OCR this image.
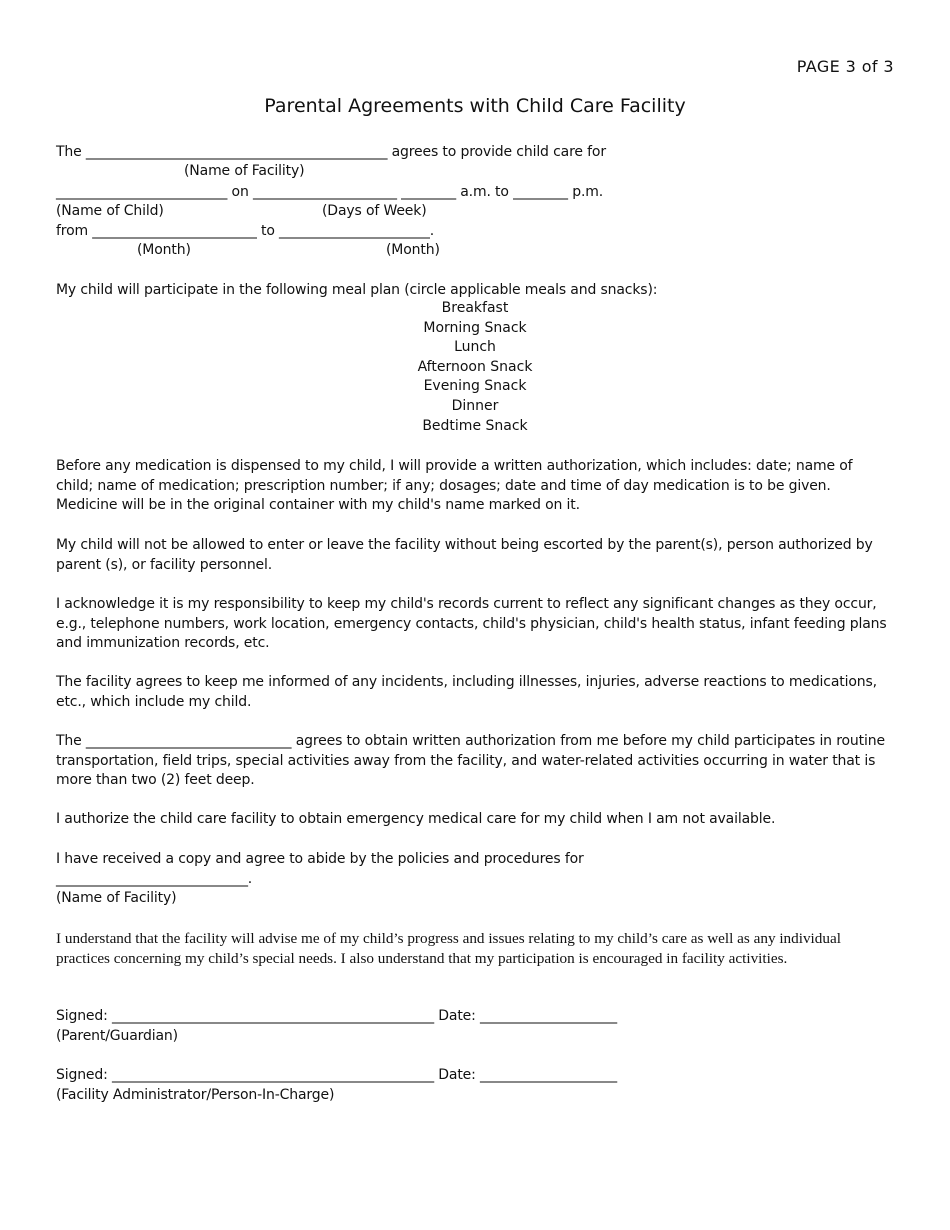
PAGE 3 of 3
Parental Agreements with Child Care Facility
The ____________________________________________ agrees to provide child care for
(Name of Facility)
_________________________ on _____________________ ________ a.m. to ________ p.m.
(Name of Child)	(Days of Week)
from ________________________ to ______________________.
(Month)	(Month)
My child will participate in the following meal plan (circle applicable meals and snacks):
Breakfast
Morning Snack
Lunch
Afternoon Snack
Evening Snack
Dinner
Bedtime Snack
Before any medication is dispensed to my child, I will provide a written authorization, which includes: date; name of child; name of medication; prescription number; if any; dosages; date and time of day medication is to be given. Medicine will be in the original container with my child's name marked on it.
My child will not be allowed to enter or leave the facility without being escorted by the parent(s), person authorized by parent (s), or facility personnel.
I acknowledge it is my responsibility to keep my child's records current to reflect any significant changes as they occur, e.g., telephone numbers, work location, emergency contacts, child's physician, child's health status, infant feeding plans and immunization records, etc.
The facility agrees to keep me informed of any incidents, including illnesses, injuries, adverse reactions to medications, etc., which include my child.
The ______________________________ agrees to obtain written authorization from me before my child participates in routine transportation, field trips, special activities away from the facility, and water-related activities occurring in water that is more than two (2) feet deep.
I authorize the child care facility to obtain emergency medical care for my child when I am not available.
I have received a copy and agree to abide by the policies and procedures for
____________________________.
(Name of Facility)
I understand that the facility will advise me of my child’s progress and issues relating to my child’s care as well as any individual practices concerning my child’s special needs. I also understand that my participation is encouraged in facility activities.
Signed: _______________________________________________ Date: ____________________
(Parent/Guardian)
Signed: _______________________________________________ Date: ____________________
(Facility Administrator/Person-In-Charge)
